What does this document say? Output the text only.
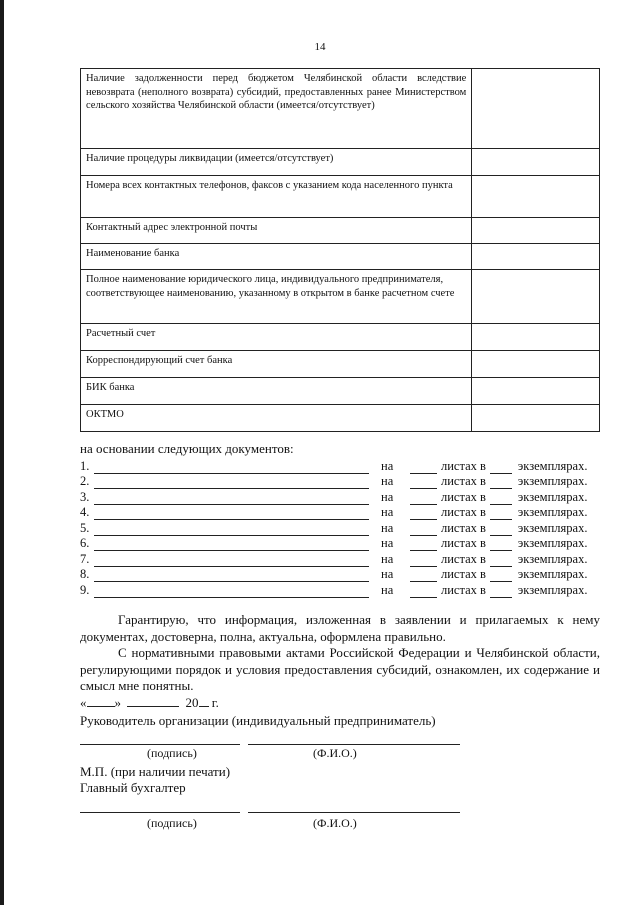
14
Наличие задолженности перед бюджетом Челябинской области вследствие невозврата (неполного возврата) субсидий, предоставленных ранее Министерством сельского хозяйства Челябинской области (имеется/отсутствует)	
Наличие процедуры ликвидации (имеется/отсутствует)	
Номера всех контактных телефонов, факсов с указанием кода населенного пункта	
Контактный адрес электронной почты	
Наименование банка	
Полное наименование юридического лица, индивидуального предпринимателя, соответствующее наименованию, указанному в открытом в банке расчетном счете	
Расчетный счет	
Корреспондирующий счет банка	
БИК банка	
ОКТМО	
на основании следующих документов:
1.	на	листах в	экземплярах.
2.	на	листах в	экземплярах.
3.	на	листах в	экземплярах.
4.	на	листах в	экземплярах.
5.	на	листах в	экземплярах.
6.	на	листах в	экземплярах.
7.	на	листах в	экземплярах.
8.	на	листах в	экземплярах.
9.	на	листах в	экземплярах.
Гарантирую, что информация, изложенная в заявлении и прилагаемых к нему документах, достоверна, полна, актуальна, оформлена правильно.
С нормативными правовыми актами Российской Федерации и Челябинской области, регулирующими порядок и условия предоставления субсидий, ознакомлен, их содержание и смысл мне понятны.
« »	20 г.
Руководитель организации (индивидуальный предприниматель)
(подпись)	(Ф.И.О.)
М.П. (при наличии печати)
Главный бухгалтер
(подпись)	(Ф.И.О.)
